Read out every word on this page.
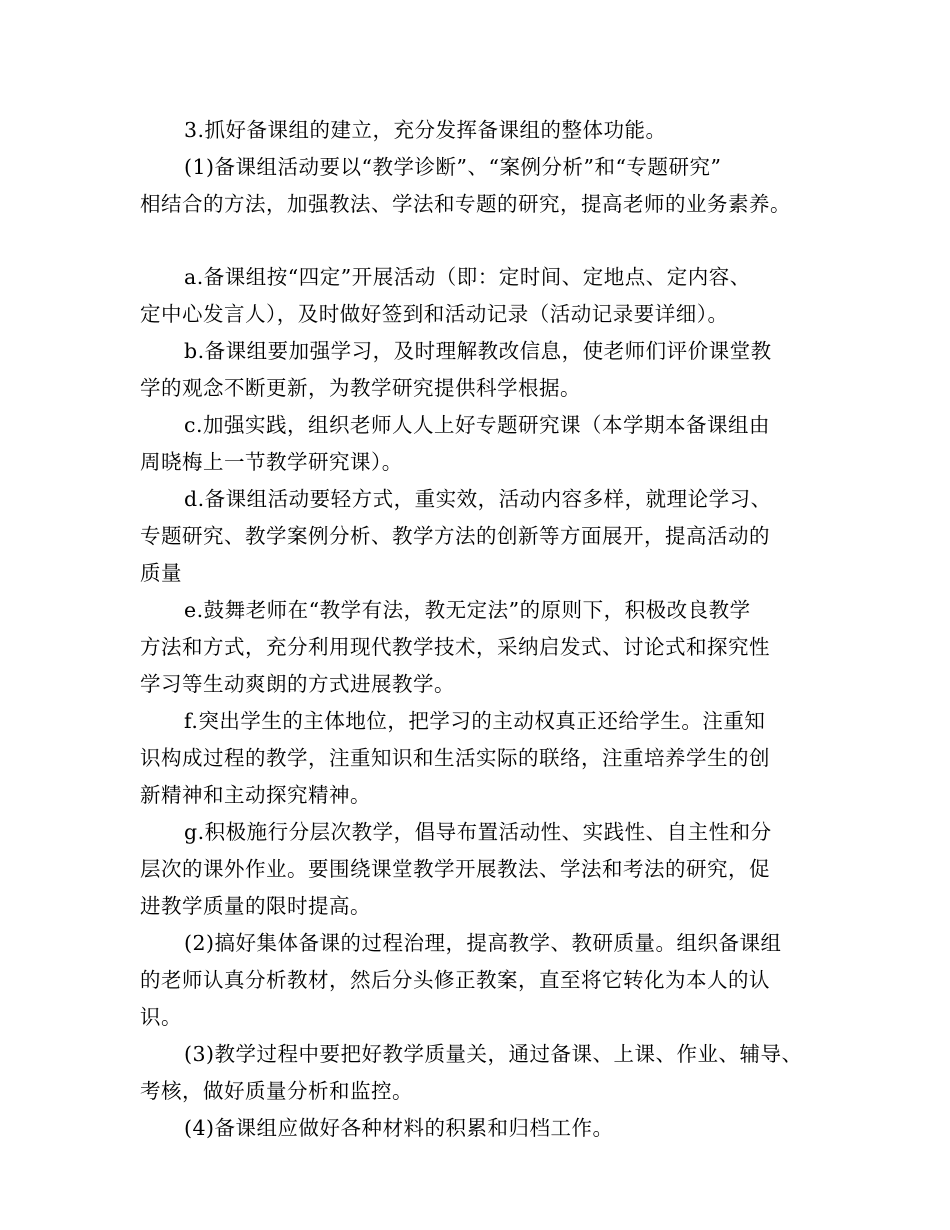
3.抓好备课组的建立，充分发挥备课组的整体功能。

(1)备课组活动要以“教学诊断”、“案例分析”和“专题研究”
相结合的方法，加强教法、学法和专题的研究，提高老师的业务素养。

a.备课组按“四定”开展活动（即：定时间、定地点、定内容、
定中心发言人），及时做好签到和活动记录（活动记录要详细）。

b.备课组要加强学习，及时理解教改信息，使老师们评价课堂教
学的观念不断更新，为教学研究提供科学根据。

c.加强实践，组织老师人人上好专题研究课（本学期本备课组由
周晓梅上一节教学研究课）。

d.备课组活动要轻方式，重实效，活动内容多样，就理论学习、
专题研究、教学案例分析、教学方法的创新等方面展开，提高活动的
质量

e.鼓舞老师在“教学有法，教无定法”的原则下，积极改良教学
方法和方式，充分利用现代教学技术，采纳启发式、讨论式和探究性
学习等生动爽朗的方式进展教学。

f.突出学生的主体地位，把学习的主动权真正还给学生。注重知
识构成过程的教学，注重知识和生活实际的联络，注重培养学生的创
新精神和主动探究精神。

g.积极施行分层次教学，倡导布置活动性、实践性、自主性和分
层次的课外作业。要围绕课堂教学开展教法、学法和考法的研究，促
进教学质量的限时提高。

(2)搞好集体备课的过程治理，提高教学、教研质量。组织备课组
的老师认真分析教材，然后分头修正教案，直至将它转化为本人的认
识。

(3)教学过程中要把好教学质量关，通过备课、上课、作业、辅导、
考核，做好质量分析和监控。

(4)备课组应做好各种材料的积累和归档工作。
